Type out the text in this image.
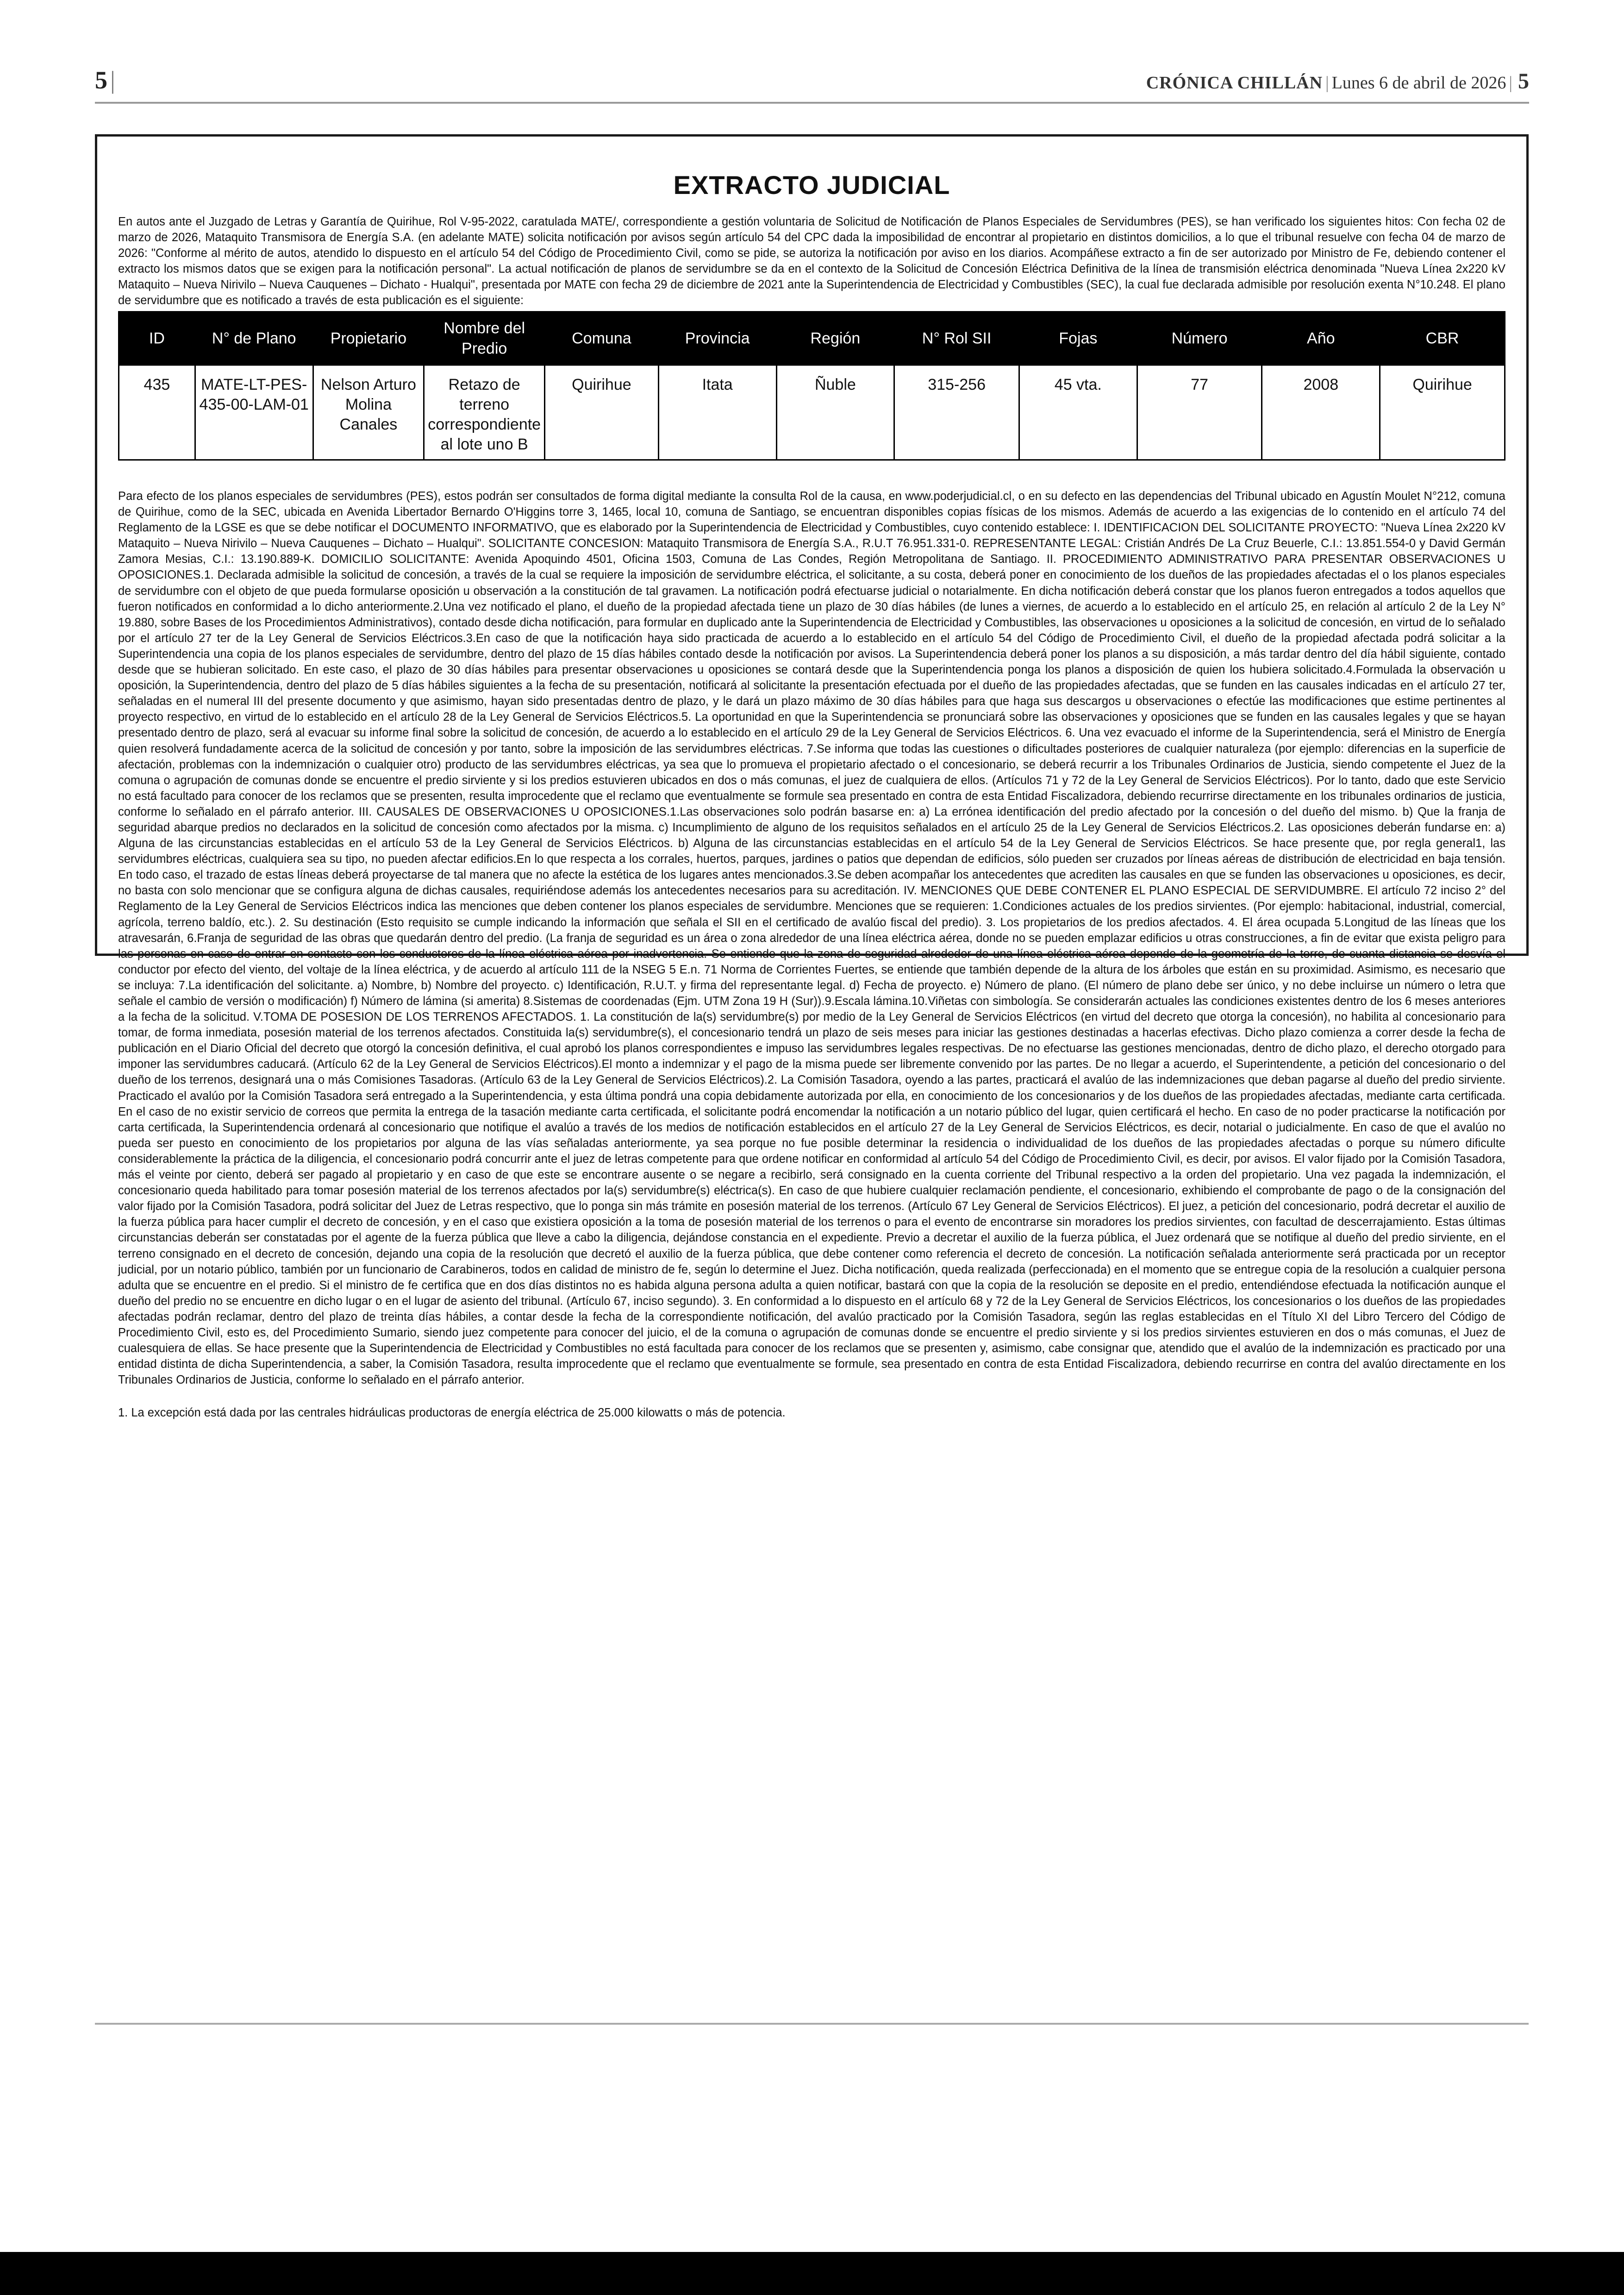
5 |	CRÓNICA CHILLÁN | Lunes 6 de abril de 2026 | 5
EXTRACTO JUDICIAL
En autos ante el Juzgado de Letras y Garantía de Quirihue, Rol V-95-2022, caratulada MATE/, correspondiente a gestión voluntaria de Solicitud de Notificación de Planos Especiales de Servidumbres (PES), se han verificado los siguientes hitos: Con fecha 02 de marzo de 2026, Mataquito Transmisora de Energía S.A. (en adelante MATE) solicita notificación por avisos según artículo 54 del CPC dada la imposibilidad de encontrar al propietario en distintos domicilios, a lo que el tribunal resuelve con fecha 04 de marzo de 2026: "Conforme al mérito de autos, atendido lo dispuesto en el artículo 54 del Código de Procedimiento Civil, como se pide, se autoriza la notificación por aviso en los diarios. Acompáñese extracto a fin de ser autorizado por Ministro de Fe, debiendo contener el extracto los mismos datos que se exigen para la notificación personal". La actual notificación de planos de servidumbre se da en el contexto de la Solicitud de Concesión Eléctrica Definitiva de la línea de transmisión eléctrica denominada "Nueva Línea 2x220 kV Mataquito – Nueva Nirivilo – Nueva Cauquenes – Dichato - Hualqui", presentada por MATE con fecha 29 de diciembre de 2021 ante la Superintendencia de Electricidad y Combustibles (SEC), la cual fue declarada admisible por resolución exenta N°10.248. El plano de servidumbre que es notificado a través de esta publicación es el siguiente:
ID	N° de Plano	Propietario	Nombre del Predio	Comuna	Provincia	Región	N° Rol SII	Fojas	Número	Año	CBR
435	MATE-LT-PES-435-00-LAM-01	Nelson Arturo Molina Canales	Retazo de terreno correspondiente al lote uno B	Quirihue	Itata	Ñuble	315-256	45 vta.	77	2008	Quirihue
Para efecto de los planos especiales de servidumbres (PES), estos podrán ser consultados de forma digital mediante la consulta Rol de la causa, en www.poderjudicial.cl, o en su defecto en las dependencias del Tribunal ubicado en Agustín Moulet N°212, comuna de Quirihue, como de la SEC, ubicada en Avenida Libertador Bernardo O'Higgins torre 3, 1465, local 10, comuna de Santiago, se encuentran disponibles copias físicas de los mismos. Además de acuerdo a las exigencias de lo contenido en el artículo 74 del Reglamento de la LGSE es que se debe notificar el DOCUMENTO INFORMATIVO, que es elaborado por la Superintendencia de Electricidad y Combustibles, cuyo contenido establece: I. IDENTIFICACION DEL SOLICITANTE PROYECTO: "Nueva Línea 2x220 kV Mataquito – Nueva Nirivilo – Nueva Cauquenes – Dichato – Hualqui". SOLICITANTE CONCESION: Mataquito Transmisora de Energía S.A., R.U.T 76.951.331-0. REPRESENTANTE LEGAL: Cristián Andrés De La Cruz Beuerle, C.I.: 13.851.554-0 y David Germán Zamora Mesias, C.I.: 13.190.889-K. DOMICILIO SOLICITANTE: Avenida Apoquindo 4501, Oficina 1503, Comuna de Las Condes, Región Metropolitana de Santiago. II. PROCEDIMIENTO ADMINISTRATIVO PARA PRESENTAR OBSERVACIONES U OPOSICIONES.1. Declarada admisible la solicitud de concesión, a través de la cual se requiere la imposición de servidumbre eléctrica, el solicitante, a su costa, deberá poner en conocimiento de los dueños de las propiedades afectadas el o los planos especiales de servidumbre con el objeto de que pueda formularse oposición u observación a la constitución de tal gravamen. La notificación podrá efectuarse judicial o notarialmente. En dicha notificación deberá constar que los planos fueron entregados a todos aquellos que fueron notificados en conformidad a lo dicho anteriormente.2.Una vez notificado el plano, el dueño de la propiedad afectada tiene un plazo de 30 días hábiles (de lunes a viernes, de acuerdo a lo establecido en el artículo 25, en relación al artículo 2 de la Ley N° 19.880, sobre Bases de los Procedimientos Administrativos), contado desde dicha notificación, para formular en duplicado ante la Superintendencia de Electricidad y Combustibles, las observaciones u oposiciones a la solicitud de concesión, en virtud de lo señalado por el artículo 27 ter de la Ley General de Servicios Eléctricos.3.En caso de que la notificación haya sido practicada de acuerdo a lo establecido en el artículo 54 del Código de Procedimiento Civil, el dueño de la propiedad afectada podrá solicitar a la Superintendencia una copia de los planos especiales de servidumbre, dentro del plazo de 15 días hábiles contado desde la notificación por avisos. La Superintendencia deberá poner los planos a su disposición, a más tardar dentro del día hábil siguiente, contado desde que se hubieran solicitado. En este caso, el plazo de 30 días hábiles para presentar observaciones u oposiciones se contará desde que la Superintendencia ponga los planos a disposición de quien los hubiera solicitado.4.Formulada la observación u oposición, la Superintendencia, dentro del plazo de 5 días hábiles siguientes a la fecha de su presentación, notificará al solicitante la presentación efectuada por el dueño de las propiedades afectadas, que se funden en las causales indicadas en el artículo 27 ter, señaladas en el numeral III del presente documento y que asimismo, hayan sido presentadas dentro de plazo, y le dará un plazo máximo de 30 días hábiles para que haga sus descargos u observaciones o efectúe las modificaciones que estime pertinentes al proyecto respectivo, en virtud de lo establecido en el artículo 28 de la Ley General de Servicios Eléctricos.5. La oportunidad en que la Superintendencia se pronunciará sobre las observaciones y oposiciones que se funden en las causales legales y que se hayan presentado dentro de plazo, será al evacuar su informe final sobre la solicitud de concesión, de acuerdo a lo establecido en el artículo 29 de la Ley General de Servicios Eléctricos. 6. Una vez evacuado el informe de la Superintendencia, será el Ministro de Energía quien resolverá fundadamente acerca de la solicitud de concesión y por tanto, sobre la imposición de las servidumbres eléctricas. 7.Se informa que todas las cuestiones o dificultades posteriores de cualquier naturaleza (por ejemplo: diferencias en la superficie de afectación, problemas con la indemnización o cualquier otro) producto de las servidumbres eléctricas, ya sea que lo promueva el propietario afectado o el concesionario, se deberá recurrir a los Tribunales Ordinarios de Justicia, siendo competente el Juez de la comuna o agrupación de comunas donde se encuentre el predio sirviente y si los predios estuvieren ubicados en dos o más comunas, el juez de cualquiera de ellos. (Artículos 71 y 72 de la Ley General de Servicios Eléctricos). Por lo tanto, dado que este Servicio no está facultado para conocer de los reclamos que se presenten, resulta improcedente que el reclamo que eventualmente se formule sea presentado en contra de esta Entidad Fiscalizadora, debiendo recurrirse directamente en los tribunales ordinarios de justicia, conforme lo señalado en el párrafo anterior. III. CAUSALES DE OBSERVACIONES U OPOSICIONES.1.Las observaciones solo podrán basarse en: a) La errónea identificación del predio afectado por la concesión o del dueño del mismo. b) Que la franja de seguridad abarque predios no declarados en la solicitud de concesión como afectados por la misma. c) Incumplimiento de alguno de los requisitos señalados en el artículo 25 de la Ley General de Servicios Eléctricos.2. Las oposiciones deberán fundarse en: a) Alguna de las circunstancias establecidas en el artículo 53 de la Ley General de Servicios Eléctricos. b) Alguna de las circunstancias establecidas en el artículo 54 de la Ley General de Servicios Eléctricos. Se hace presente que, por regla general1, las servidumbres eléctricas, cualquiera sea su tipo, no pueden afectar edificios.En lo que respecta a los corrales, huertos, parques, jardines o patios que dependan de edificios, sólo pueden ser cruzados por líneas aéreas de distribución de electricidad en baja tensión. En todo caso, el trazado de estas líneas deberá proyectarse de tal manera que no afecte la estética de los lugares antes mencionados.3.Se deben acompañar los antecedentes que acrediten las causales en que se funden las observaciones u oposiciones, es decir, no basta con solo mencionar que se configura alguna de dichas causales, requiriéndose además los antecedentes necesarios para su acreditación. IV. MENCIONES QUE DEBE CONTENER EL PLANO ESPECIAL DE SERVIDUMBRE. El artículo 72 inciso 2° del Reglamento de la Ley General de Servicios Eléctricos indica las menciones que deben contener los planos especiales de servidumbre. Menciones que se requieren: 1.Condiciones actuales de los predios sirvientes. (Por ejemplo: habitacional, industrial, comercial, agrícola, terreno baldío, etc.). 2. Su destinación (Esto requisito se cumple indicando la información que señala el SII en el certificado de avalúo fiscal del predio). 3. Los propietarios de los predios afectados. 4. El área ocupada 5.Longitud de las líneas que los atravesarán, 6.Franja de seguridad de las obras que quedarán dentro del predio. (La franja de seguridad es un área o zona alrededor de una línea eléctrica aérea, donde no se pueden emplazar edificios u otras construcciones, a fin de evitar que exista peligro para las personas en caso de entrar en contacto con los conductores de la línea eléctrica aérea por inadvertencia. Se entiende que la zona de seguridad alrededor de una línea eléctrica aérea depende de la geometría de la torre, de cuanta distancia se desvía el conductor por efecto del viento, del voltaje de la línea eléctrica, y de acuerdo al artículo 111 de la NSEG 5 E.n. 71 Norma de Corrientes Fuertes, se entiende que también depende de la altura de los árboles que están en su proximidad. Asimismo, es necesario que se incluya: 7.La identificación del solicitante. a) Nombre, b) Nombre del proyecto. c) Identificación, R.U.T. y firma del representante legal. d) Fecha de proyecto. e) Número de plano. (El número de plano debe ser único, y no debe incluirse un número o letra que señale el cambio de versión o modificación) f) Número de lámina (si amerita) 8.Sistemas de coordenadas (Ejm. UTM Zona 19 H (Sur)).9.Escala lámina.10.Viñetas con simbología. Se considerarán actuales las condiciones existentes dentro de los 6 meses anteriores a la fecha de la solicitud. V.TOMA DE POSESION DE LOS TERRENOS AFECTADOS. 1. La constitución de la(s) servidumbre(s) por medio de la Ley General de Servicios Eléctricos (en virtud del decreto que otorga la concesión), no habilita al concesionario para tomar, de forma inmediata, posesión material de los terrenos afectados. Constituida la(s) servidumbre(s), el concesionario tendrá un plazo de seis meses para iniciar las gestiones destinadas a hacerlas efectivas. Dicho plazo comienza a correr desde la fecha de publicación en el Diario Oficial del decreto que otorgó la concesión definitiva, el cual aprobó los planos correspondientes e impuso las servidumbres legales respectivas. De no efectuarse las gestiones mencionadas, dentro de dicho plazo, el derecho otorgado para imponer las servidumbres caducará. (Artículo 62 de la Ley General de Servicios Eléctricos).El monto a indemnizar y el pago de la misma puede ser libremente convenido por las partes. De no llegar a acuerdo, el Superintendente, a petición del concesionario o del dueño de los terrenos, designará una o más Comisiones Tasadoras. (Artículo 63 de la Ley General de Servicios Eléctricos).2. La Comisión Tasadora, oyendo a las partes, practicará el avalúo de las indemnizaciones que deban pagarse al dueño del predio sirviente. Practicado el avalúo por la Comisión Tasadora será entregado a la Superintendencia, y esta última pondrá una copia debidamente autorizada por ella, en conocimiento de los concesionarios y de los dueños de las propiedades afectadas, mediante carta certificada. En el caso de no existir servicio de correos que permita la entrega de la tasación mediante carta certificada, el solicitante podrá encomendar la notificación a un notario público del lugar, quien certificará el hecho. En caso de no poder practicarse la notificación por carta certificada, la Superintendencia ordenará al concesionario que notifique el avalúo a través de los medios de notificación establecidos en el artículo 27 de la Ley General de Servicios Eléctricos, es decir, notarial o judicialmente. En caso de que el avalúo no pueda ser puesto en conocimiento de los propietarios por alguna de las vías señaladas anteriormente, ya sea porque no fue posible determinar la residencia o individualidad de los dueños de las propiedades afectadas o porque su número dificulte considerablemente la práctica de la diligencia, el concesionario podrá concurrir ante el juez de letras competente para que ordene notificar en conformidad al artículo 54 del Código de Procedimiento Civil, es decir, por avisos. El valor fijado por la Comisión Tasadora, más el veinte por ciento, deberá ser pagado al propietario y en caso de que este se encontrare ausente o se negare a recibirlo, será consignado en la cuenta corriente del Tribunal respectivo a la orden del propietario. Una vez pagada la indemnización, el concesionario queda habilitado para tomar posesión material de los terrenos afectados por la(s) servidumbre(s) eléctrica(s). En caso de que hubiere cualquier reclamación pendiente, el concesionario, exhibiendo el comprobante de pago o de la consignación del valor fijado por la Comisión Tasadora, podrá solicitar del Juez de Letras respectivo, que lo ponga sin más trámite en posesión material de los terrenos. (Artículo 67 Ley General de Servicios Eléctricos). El juez, a petición del concesionario, podrá decretar el auxilio de la fuerza pública para hacer cumplir el decreto de concesión, y en el caso que existiera oposición a la toma de posesión material de los terrenos o para el evento de encontrarse sin moradores los predios sirvientes, con facultad de descerrajamiento. Estas últimas circunstancias deberán ser constatadas por el agente de la fuerza pública que lleve a cabo la diligencia, dejándose constancia en el expediente. Previo a decretar el auxilio de la fuerza pública, el Juez ordenará que se notifique al dueño del predio sirviente, en el terreno consignado en el decreto de concesión, dejando una copia de la resolución que decretó el auxilio de la fuerza pública, que debe contener como referencia el decreto de concesión. La notificación señalada anteriormente será practicada por un receptor judicial, por un notario público, también por un funcionario de Carabineros, todos en calidad de ministro de fe, según lo determine el Juez. Dicha notificación, queda realizada (perfeccionada) en el momento que se entregue copia de la resolución a cualquier persona adulta que se encuentre en el predio. Si el ministro de fe certifica que en dos días distintos no es habida alguna persona adulta a quien notificar, bastará con que la copia de la resolución se deposite en el predio, entendiéndose efectuada la notificación aunque el dueño del predio no se encuentre en dicho lugar o en el lugar de asiento del tribunal. (Artículo 67, inciso segundo). 3. En conformidad a lo dispuesto en el artículo 68 y 72 de la Ley General de Servicios Eléctricos, los concesionarios o los dueños de las propiedades afectadas podrán reclamar, dentro del plazo de treinta días hábiles, a contar desde la fecha de la correspondiente notificación, del avalúo practicado por la Comisión Tasadora, según las reglas establecidas en el Título XI del Libro Tercero del Código de Procedimiento Civil, esto es, del Procedimiento Sumario, siendo juez competente para conocer del juicio, el de la comuna o agrupación de comunas donde se encuentre el predio sirviente y si los predios sirvientes estuvieren en dos o más comunas, el Juez de cualesquiera de ellas. Se hace presente que la Superintendencia de Electricidad y Combustibles no está facultada para conocer de los reclamos que se presenten y, asimismo, cabe consignar que, atendido que el avalúo de la indemnización es practicado por una entidad distinta de dicha Superintendencia, a saber, la Comisión Tasadora, resulta improcedente que el reclamo que eventualmente se formule, sea presentado en contra de esta Entidad Fiscalizadora, debiendo recurrirse en contra del avalúo directamente en los Tribunales Ordinarios de Justicia, conforme lo señalado en el párrafo anterior.
1. La excepción está dada por las centrales hidráulicas productoras de energía eléctrica de 25.000 kilowatts o más de potencia.
